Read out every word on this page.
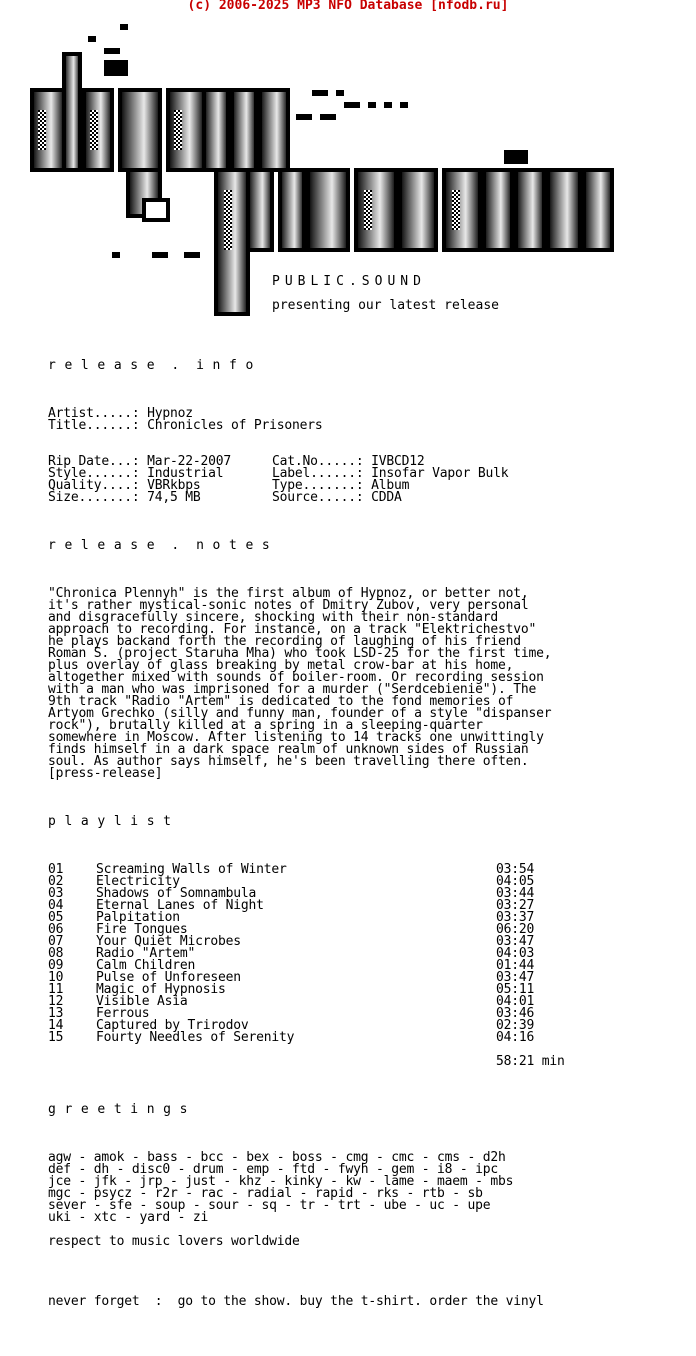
(c) 2006-2025 MP3 NFO Database [nfodb.ru]
PUBLIC.SOUND
presenting our latest release
r e l e a s e  .  i n f o

Artist.....: Hypnoz

Title......: Chronicles of Prisoners

Rip Date...: Mar-22-2007	Cat.No.....: IVBCD12

Style......: Industrial	Label......: Insofar Vapor Bulk

Quality....: VBRkbps	Type.......: Album

Size.......: 74,5 MB	Source.....: CDDA

r e l e a s e  .  n o t e s

"Chronica Plennyh" is the first album of Hypnoz, or better not,

it's rather mystical-sonic notes of Dmitry Zubov, very personal

and disgracefully sincere, shocking with their non-standard

approach to recording. For instance, on a track "Elektrichestvo"

he plays backand forth the recording of laughing of his friend

Roman S. (project Staruha Mha) who took LSD-25 for the first time,

plus overlay of glass breaking by metal crow-bar at his home,

altogether mixed with sounds of boiler-room. Or recording session

with a man who was imprisoned for a murder ("Serdcebienie"). The

9th track "Radio "Artem" is dedicated to the fond memories of

Artyom Grechko (silly and funny man, founder of a style "dispanser

rock"), brutally killed at a spring in a sleeping-quarter

somewhere in Moscow. After listening to 14 tracks one unwittingly

finds himself in a dark space realm of unknown sides of Russian

soul. As author says himself, he's been travelling there often.

[press-release]

p l a y l i s t

01	Screaming Walls of Winter	03:54
02	Electricity	04:05
03	Shadows of Somnambula	03:44
04	Eternal Lanes of Night	03:27
05	Palpitation	03:37
06	Fire Tongues	06:20
07	Your Quiet Microbes	03:47
08	Radio "Artem"	04:03
09	Calm Children	01:44
10	Pulse of Unforeseen	03:47
11	Magic of Hypnosis	05:11
12	Visible Asia	04:01
13	Ferrous	03:46
14	Captured by Trirodov	02:39
15	Fourty Needles of Serenity	04:16

58:21 min

g r e e t i n g s

agw - amok - bass - bcc - bex - boss - cmg - cmc - cms - d2h

def - dh - disc0 - drum - emp - ftd - fwyh - gem - i8 - ipc

jce - jfk - jrp - just - khz - kinky - kw - lame - maem - mbs

mgc - psycz - r2r - rac - radial - rapid - rks - rtb - sb

sever - sfe - soup - sour - sq - tr - trt - ube - uc - upe

uki - xtc - yard - zi

respect to music lovers worldwide

never forget  :  go to the show. buy the t-shirt. order the vinyl
